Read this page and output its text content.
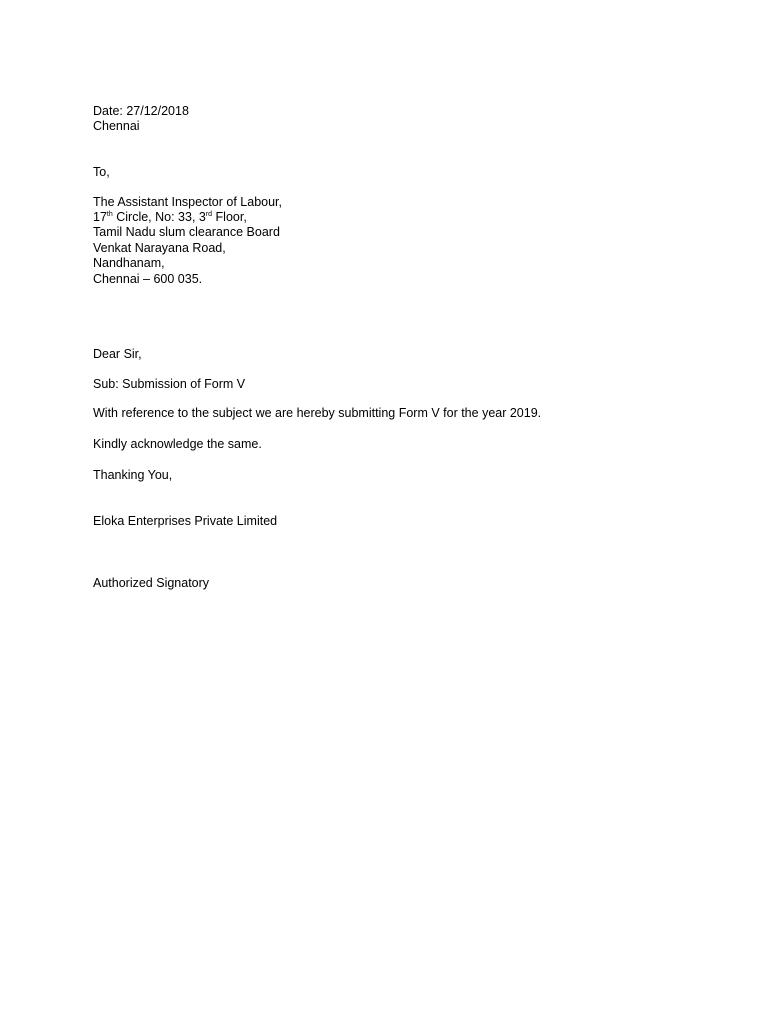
Date: 27/12/2018
Chennai
To,
The Assistant Inspector of Labour,
17th Circle, No: 33, 3rd Floor,
Tamil Nadu slum clearance Board
Venkat Narayana Road,
Nandhanam,
Chennai – 600 035.
Dear Sir,
Sub: Submission of Form V
With reference to the subject we are hereby submitting Form V for the year 2019.
Kindly acknowledge the same.
Thanking You,
Eloka Enterprises Private Limited
Authorized Signatory
